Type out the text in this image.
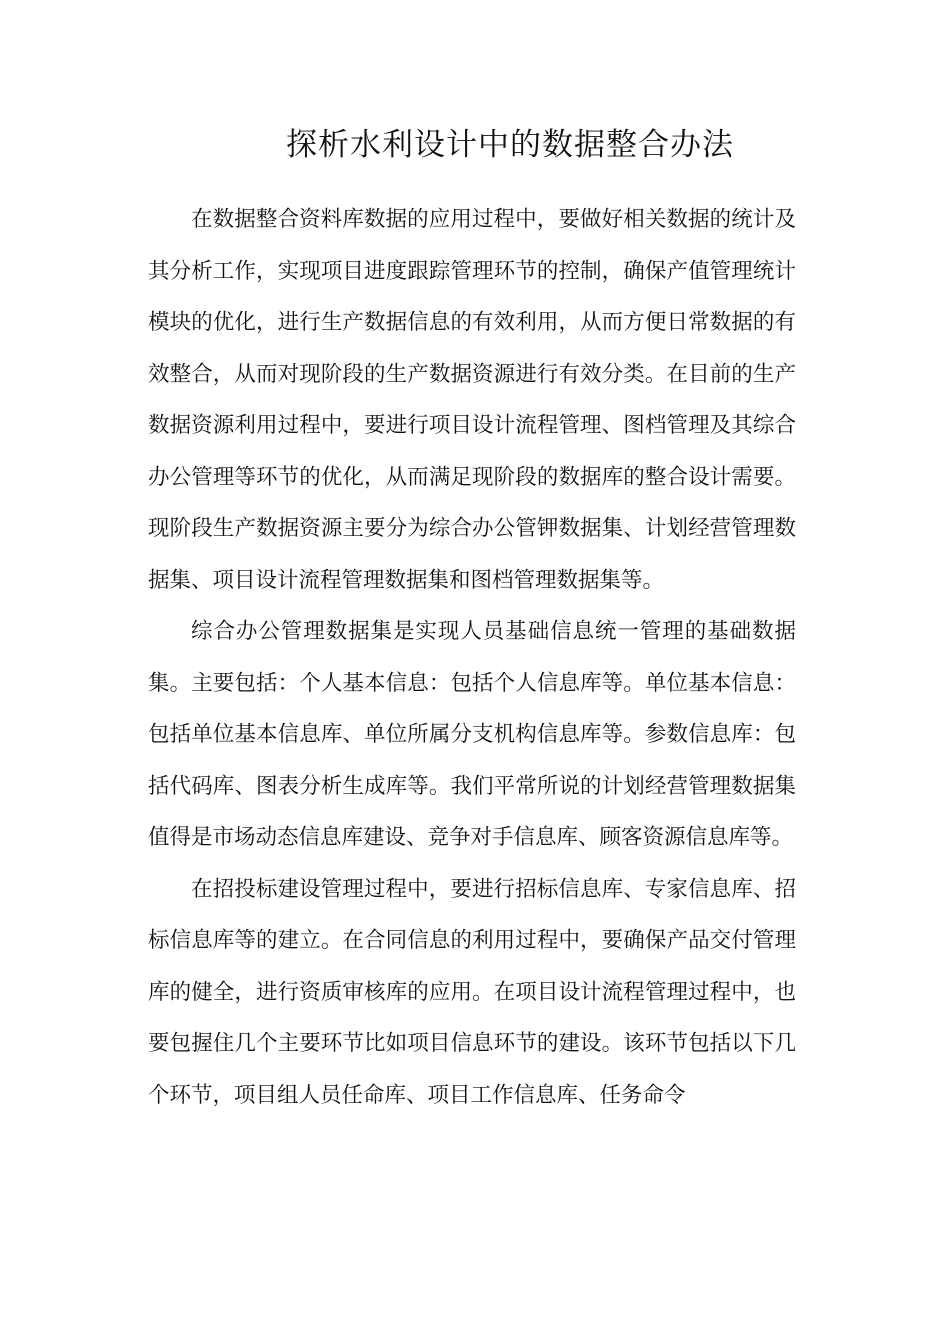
探析水利设计中的数据整合办法

在数据整合资料库数据的应用过程中，要做好相关数据的统计及其分析工作，实现项目进度跟踪管理环节的控制，确保产值管理统计模块的优化，进行生产数据信息的有效利用，从而方便日常数据的有效整合，从而对现阶段的生产数据资源进行有效分类。在目前的生产数据资源利用过程中，要进行项目设计流程管理、图档管理及其综合办公管理等环节的优化，从而满足现阶段的数据库的整合设计需要。现阶段生产数据资源主要分为综合办公管钾数据集、计划经营管理数据集、项目设计流程管理数据集和图档管理数据集等。

综合办公管理数据集是实现人员基础信息统一管理的基础数据集。主要包括：个人基本信息：包括个人信息库等。单位基本信息：包括单位基本信息库、单位所属分支机构信息库等。参数信息库：包括代码库、图表分析生成库等。我们平常所说的计划经营管理数据集值得是市场动态信息库建设、竞争对手信息库、顾客资源信息库等。

在招投标建设管理过程中，要进行招标信息库、专家信息库、招标信息库等的建立。在合同信息的利用过程中，要确保产品交付管理库的健全，进行资质审核库的应用。在项目设计流程管理过程中，也要包握住几个主要环节比如项目信息环节的建设。该环节包括以下几个环节，项目组人员任命库、项目工作信息库、任务命令
